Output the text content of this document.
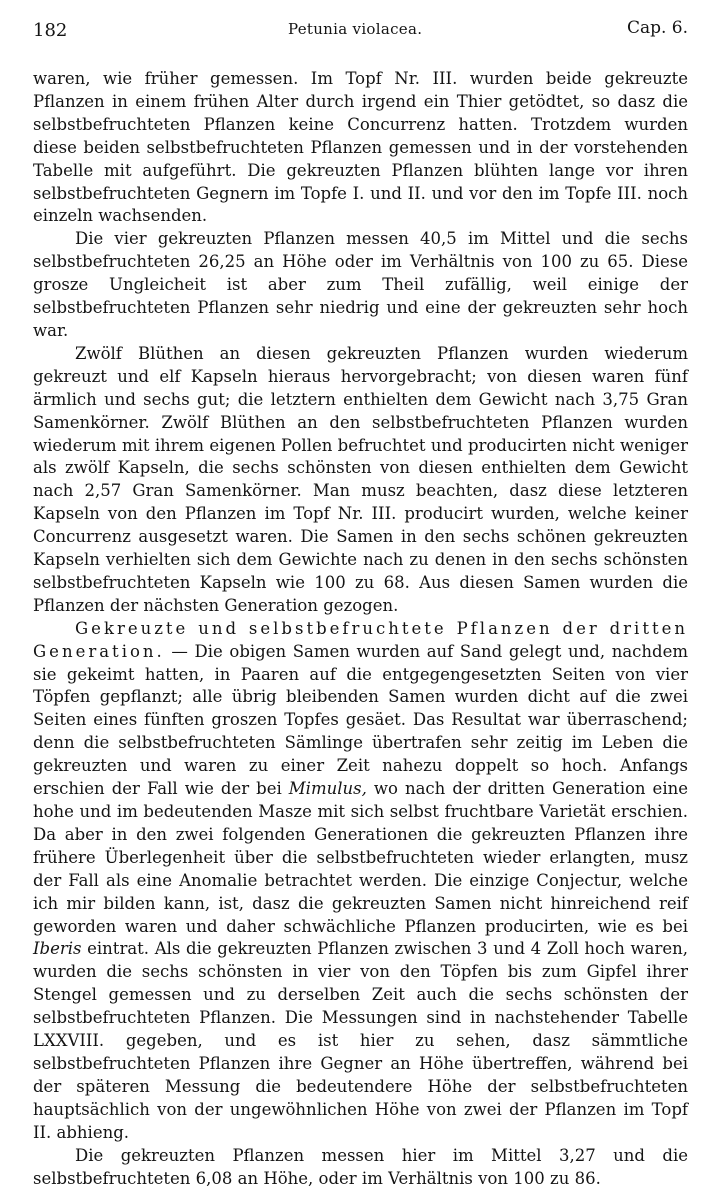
182	Petunia violacea.	Cap. 6.

waren, wie früher gemessen. Im Topf Nr. III. wurden beide gekreuzte Pflanzen in einem frühen Alter durch irgend ein Thier getödtet, so dasz die selbstbefruchteten Pflanzen keine Concurrenz hatten. Trotzdem wurden diese beiden selbstbefruchteten Pflanzen gemessen und in der vorstehenden Tabelle mit aufgeführt. Die gekreuzten Pflanzen blühten lange vor ihren selbstbefruchteten Gegnern im Topfe I. und II. und vor den im Topfe III. noch einzeln wachsenden.

Die vier gekreuzten Pflanzen messen 40,5 im Mittel und die sechs selbstbefruchteten 26,25 an Höhe oder im Verhältnis von 100 zu 65. Diese grosze Ungleicheit ist aber zum Theil zufällig, weil einige der selbstbefruchteten Pflanzen sehr niedrig und eine der gekreuzten sehr hoch war.

Zwölf Blüthen an diesen gekreuzten Pflanzen wurden wiederum gekreuzt und elf Kapseln hieraus hervorgebracht; von diesen waren fünf ärmlich und sechs gut; die letztern enthielten dem Gewicht nach 3,75 Gran Samenkörner. Zwölf Blüthen an den selbstbefruchteten Pflanzen wurden wiederum mit ihrem eigenen Pollen befruchtet und producirten nicht weniger als zwölf Kapseln, die sechs schönsten von diesen enthielten dem Gewicht nach 2,57 Gran Samenkörner. Man musz beachten, dasz diese letzteren Kapseln von den Pflanzen im Topf Nr. III. producirt wurden, welche keiner Concurrenz ausgesetzt waren. Die Samen in den sechs schönen gekreuzten Kapseln verhielten sich dem Gewichte nach zu denen in den sechs schönsten selbstbefruchteten Kapseln wie 100 zu 68. Aus diesen Samen wurden die Pflanzen der nächsten Generation gezogen.

Gekreuzte und selbstbefruchtete Pflanzen der dritten Generation. — Die obigen Samen wurden auf Sand gelegt und, nachdem sie gekeimt hatten, in Paaren auf die entgegengesetzten Seiten von vier Töpfen gepflanzt; alle übrig bleibenden Samen wurden dicht auf die zwei Seiten eines fünften groszen Topfes gesäet. Das Resultat war überraschend; denn die selbstbefruchteten Sämlinge übertrafen sehr zeitig im Leben die gekreuzten und waren zu einer Zeit nahezu doppelt so hoch. Anfangs erschien der Fall wie der bei Mimulus, wo nach der dritten Generation eine hohe und im bedeutenden Masze mit sich selbst fruchtbare Varietät erschien. Da aber in den zwei folgenden Generationen die gekreuzten Pflanzen ihre frühere Überlegenheit über die selbstbefruchteten wieder erlangten, musz der Fall als eine Anomalie betrachtet werden. Die einzige Conjectur, welche ich mir bilden kann, ist, dasz die gekreuzten Samen nicht hinreichend reif geworden waren und daher schwächliche Pflanzen producirten, wie es bei Iberis eintrat. Als die gekreuzten Pflanzen zwischen 3 und 4 Zoll hoch waren, wurden die sechs schönsten in vier von den Töpfen bis zum Gipfel ihrer Stengel gemessen und zu derselben Zeit auch die sechs schönsten der selbstbefruchteten Pflanzen. Die Messungen sind in nachstehender Tabelle LXXVIII. gegeben, und es ist hier zu sehen, dasz sämmtliche selbstbefruchteten Pflanzen ihre Gegner an Höhe übertreffen, während bei der späteren Messung die bedeutendere Höhe der selbstbefruchteten hauptsächlich von der ungewöhnlichen Höhe von zwei der Pflanzen im Topf II. abhieng.

Die gekreuzten Pflanzen messen hier im Mittel 3,27 und die selbstbefruchteten 6,08 an Höhe, oder im Verhältnis von 100 zu 86.
